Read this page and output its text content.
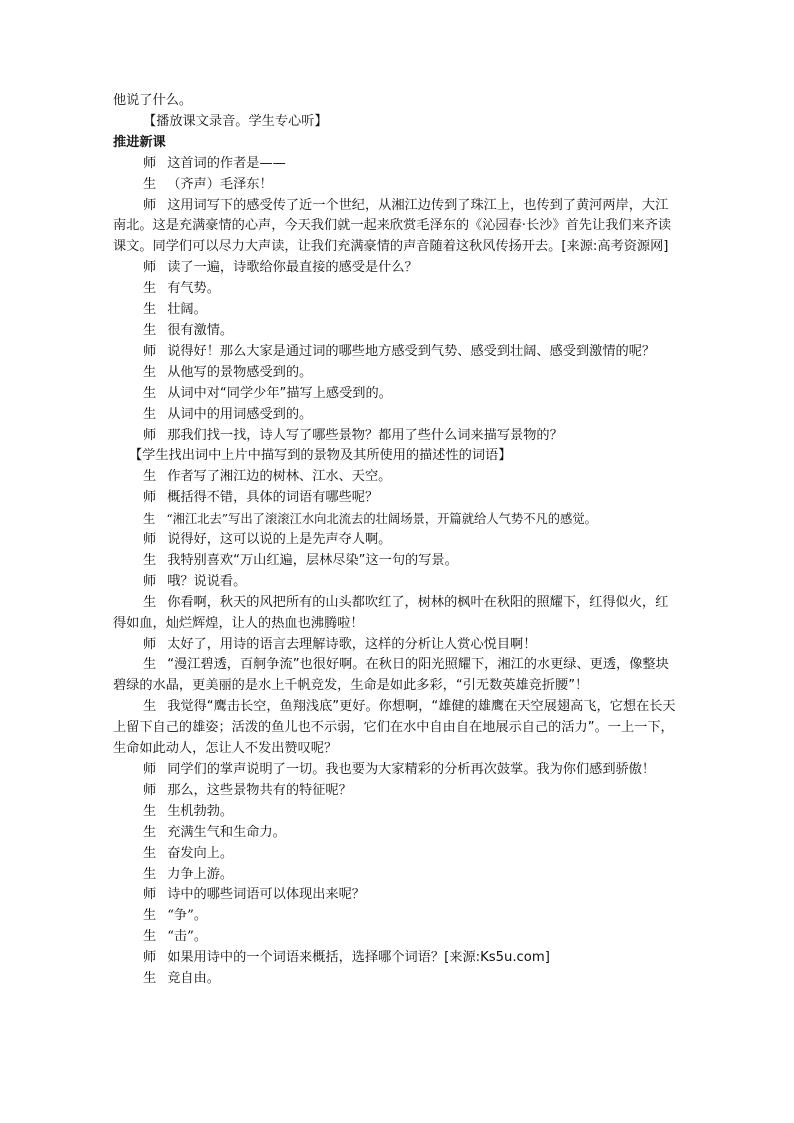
他说了什么。

【播放课文录音。学生专心听】

推进新课

师 这首词的作者是——

生 （齐声）毛泽东！

师 这用词写下的感受传了近一个世纪，从湘江边传到了珠江上，也传到了黄河两岸，大江南北。这是充满豪情的心声，今天我们就一起来欣赏毛泽东的《沁园春·长沙》首先让我们来齐读课文。同学们可以尽力大声读，让我们充满豪情的声音随着这秋风传扬开去。[来源:高考资源网]

师 读了一遍，诗歌给你最直接的感受是什么？

生 有气势。

生 壮阔。

生 很有激情。

师 说得好！那么大家是通过词的哪些地方感受到气势、感受到壮阔、感受到激情的呢？

生 从他写的景物感受到的。

生 从词中对“同学少年”描写上感受到的。

生 从词中的用词感受到的。

师 那我们找一找，诗人写了哪些景物？都用了些什么词来描写景物的？

【学生找出词中上片中描写到的景物及其所使用的描述性的词语】

生 作者写了湘江边的树林、江水、天空。

师 概括得不错，具体的词语有哪些呢？

生 “湘江北去”写出了滚滚江水向北流去的壮阔场景，开篇就给人气势不凡的感觉。

师 说得好，这可以说的上是先声夺人啊。

生 我特别喜欢“万山红遍，层林尽染”这一句的写景。

师 哦？说说看。

生 你看啊，秋天的风把所有的山头都吹红了，树林的枫叶在秋阳的照耀下，红得似火，红得如血，灿烂辉煌，让人的热血也沸腾啦！

师 太好了，用诗的语言去理解诗歌，这样的分析让人赏心悦目啊！

生 “漫江碧透，百舸争流”也很好啊。在秋日的阳光照耀下，湘江的水更绿、更透，像整块碧绿的水晶，更美丽的是水上千帆竞发，生命是如此多彩，“引无数英雄竞折腰”！

生 我觉得“鹰击长空，鱼翔浅底”更好。你想啊，“雄健的雄鹰在天空展翅高飞，它想在长天上留下自己的雄姿；活泼的鱼儿也不示弱，它们在水中自由自在地展示自己的活力”。一上一下，生命如此动人，怎让人不发出赞叹呢？

师 同学们的掌声说明了一切。我也要为大家精彩的分析再次鼓掌。我为你们感到骄傲！

师 那么，这些景物共有的特征呢？

生 生机勃勃。

生 充满生气和生命力。

生 奋发向上。

生 力争上游。

师 诗中的哪些词语可以体现出来呢？

生 “争”。

生 “击”。

师 如果用诗中的一个词语来概括，选择哪个词语？[来源:Ks5u.com]

生 竞自由。
